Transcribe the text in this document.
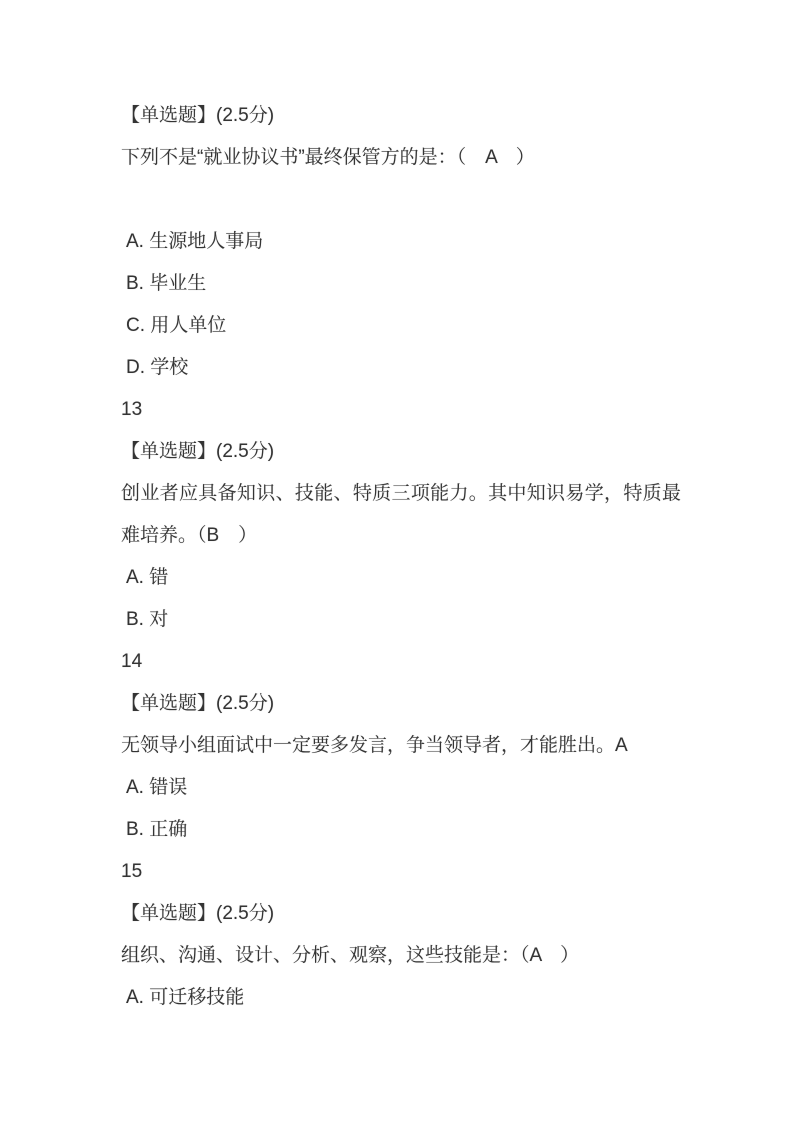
【单选题】(2.5分)

下列不是“就业协议书”最终保管方的是：（　A　）

A. 生源地人事局

B. 毕业生

C. 用人单位

D. 学校

13

【单选题】(2.5分)

创业者应具备知识、技能、特质三项能力。其中知识易学，特质最难培养。（B　）

A. 错

B. 对

14

【单选题】(2.5分)

无领导小组面试中一定要多发言，争当领导者，才能胜出。A

A. 错误

B. 正确

15

【单选题】(2.5分)

组织、沟通、设计、分析、观察，这些技能是：（A　）

A. 可迁移技能
